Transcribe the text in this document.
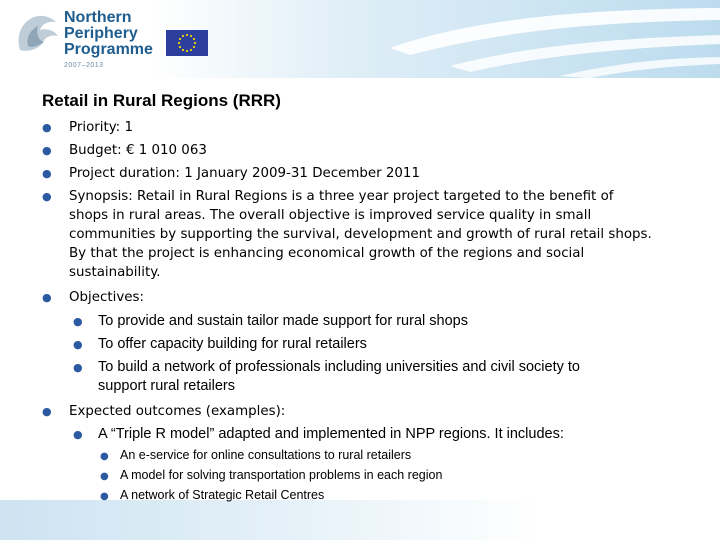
Northern
Periphery
Programme
2007–2013
Retail in Rural Regions (RRR)
● Priority: 1
● Budget: € 1 010 063
● Project duration: 1 January 2009-31 December 2011
● Synopsis: Retail in Rural Regions is a three year project targeted to the benefit of
shops in rural areas. The overall objective is improved service quality in small
communities by supporting the survival, development and growth of rural retail shops.
By that the project is enhancing economical growth of the regions and social
sustainability.
● Objectives:
● To provide and sustain tailor made support for rural shops
● To offer capacity building for rural retailers
● To build a network of professionals including universities and civil society to
support rural retailers
● Expected outcomes (examples):
● A “Triple R model” adapted and implemented in NPP regions. It includes:
● An e-service for online consultations to rural retailers
● A model for solving transportation problems in each region
● A network of Strategic Retail Centres
